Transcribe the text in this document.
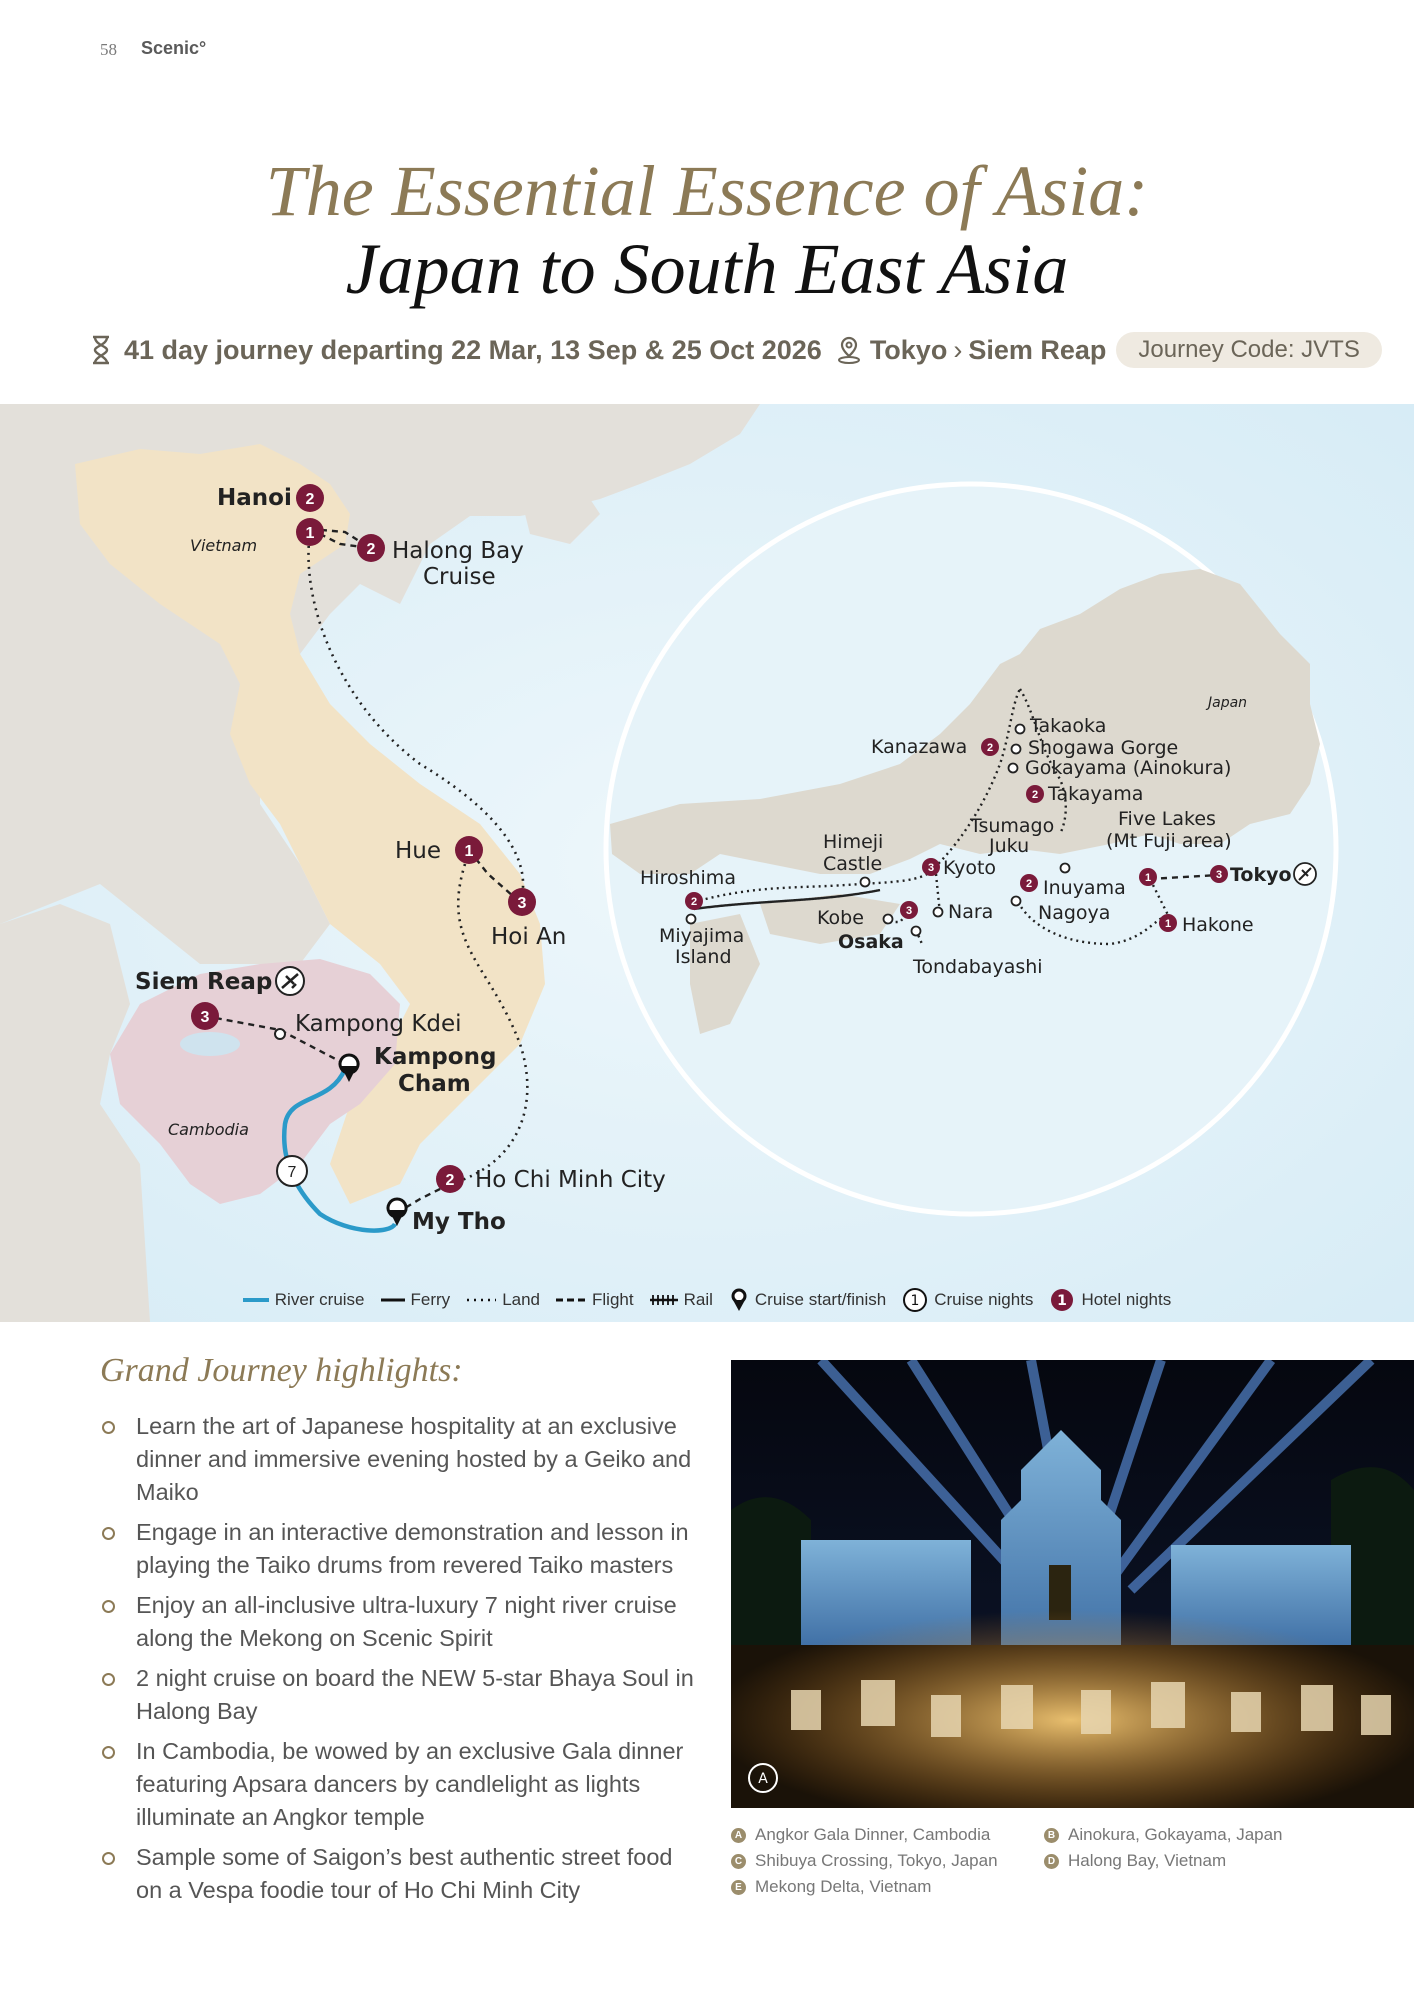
58 Scenic°
The Essential Essence of Asia:
Japan to South East Asia
41 day journey departing 22 Mar, 13 Sep & 25 Oct 2026 Tokyo › Siem Reap	Journey Code: JVTS
Vietnam
Cambodia
Japan
2
1
2
1
3
3
2
7
Hanoi
Halong Bay
Cruise
Hue
Hoi An
Siem Reap
Kampong Kdei
Kampong
Cham
Ho Chi Minh City
My Tho
2
2
3
2
3
2	1	3
1
Takaoka
Kanazawa	Shogawa Gorge
Gokayama (Ainokura)
Takayama
Tsumago
Juku
Five Lakes
(Mt Fuji area)
Himeji
Castle
Hiroshima	Kyoto	Tokyo
Inuyama
Nagoya
Nara
Kobe
Osaka
Miyajima
Island
Hakone
Tondabayashi
River cruise	Ferry	Land	Flight	Rail Cruise start/finish 1 Cruise nights 1 Hotel nights
Grand Journey highlights:
Learn the art of Japanese hospitality at an exclusive dinner and immersive evening hosted by a Geiko and Maiko
Engage in an interactive demonstration and lesson in playing the Taiko drums from revered Taiko masters
Enjoy an all-inclusive ultra-luxury 7 night river cruise along the Mekong on Scenic Spirit
2 night cruise on board the NEW 5-star Bhaya Soul in Halong Bay
In Cambodia, be wowed by an exclusive Gala dinner featuring Apsara dancers by candlelight as lights illuminate an Angkor temple
Sample some of Saigon’s best authentic street food on a Vespa foodie tour of Ho Chi Minh City
A
A Angkor Gala Dinner, Cambodia	B Ainokura, Gokayama, Japan
C Shibuya Crossing, Tokyo, Japan	D Halong Bay, Vietnam
E Mekong Delta, Vietnam
